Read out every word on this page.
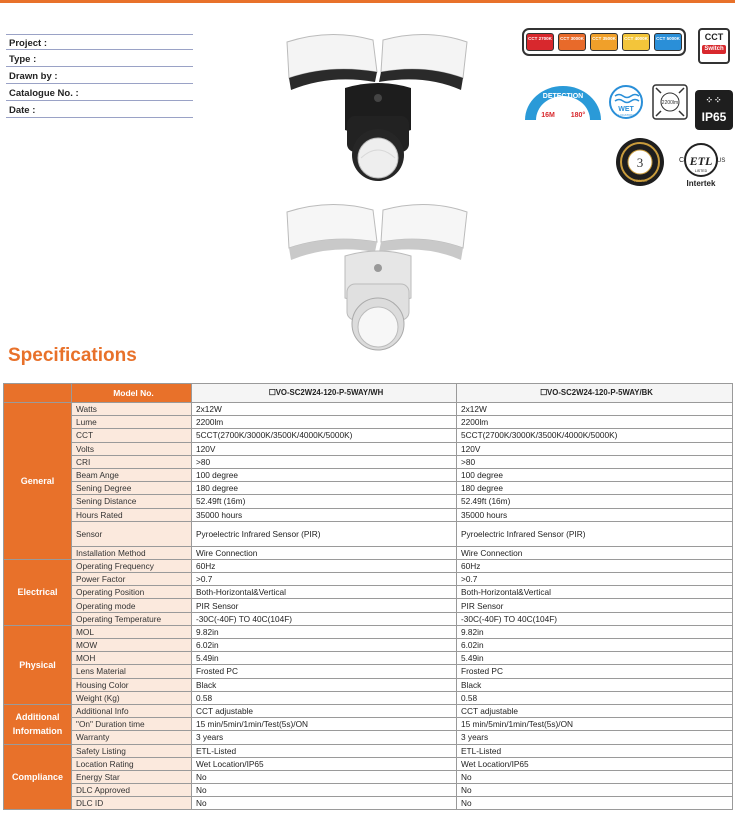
Project :
Type :
Drawn by :
Catalogue No. :
Date :
CCT 2700K	CCT 3000K	CCT 3500K	CCT 4000K	CCT 5000K	CCT
Switch
DETECTION
16M 180°
WET
LOCATION
2200lm	⁘⁘
IP65
3
YEARS
ETL
LISTED
C	US
Intertek
Specifications
	Model No.	☐VO-SC2W24-120-P-5WAY/WH	☐VO-SC2W24-120-P-5WAY/BK
General	Watts	2x12W	2x12W
	Lume	2200lm	2200lm
	CCT	5CCT(2700K/3000K/3500K/4000K/5000K)	5CCT(2700K/3000K/3500K/4000K/5000K)
	Volts	120V	120V
	CRI	>80	>80
	Beam Ange	100 degree	100 degree
	Sening Degree	180 degree	180 degree
	Sening Distance	52.49ft (16m)	52.49ft (16m)
	Hours Rated	35000 hours	35000 hours
	Sensor	Pyroelectric Infrared Sensor (PIR)	Pyroelectric Infrared Sensor (PIR)
	Installation Method	Wire Connection	Wire Connection
Electrical	Operating Frequency	60Hz	60Hz
	Power Factor	>0.7	>0.7
	Operating Position	Both-Horizontal&Vertical	Both-Horizontal&Vertical
	Operating mode	PIR Sensor	PIR Sensor
	Operating Temperature	-30C(-40F) TO 40C(104F)	-30C(-40F) TO 40C(104F)
Physical	MOL	9.82in	9.82in
	MOW	6.02in	6.02in
	MOH	5.49in	5.49in
	Lens Material	Frosted PC	Frosted PC
	Housing Color	Black	Black
	Weight (Kg)	0.58	0.58
Additional Information	Additional Info	CCT adjustable	CCT adjustable
	"On" Duration time	15 min/5min/1min/Test(5s)/ON	15 min/5min/1min/Test(5s)/ON
	Warranty	3 years	3 years
Compliance	Safety Listing	ETL-Listed	ETL-Listed
	Location Rating	Wet Location/IP65	Wet Location/IP65
	Energy Star	No	No
	DLC Approved	No	No
	DLC ID	No	No
